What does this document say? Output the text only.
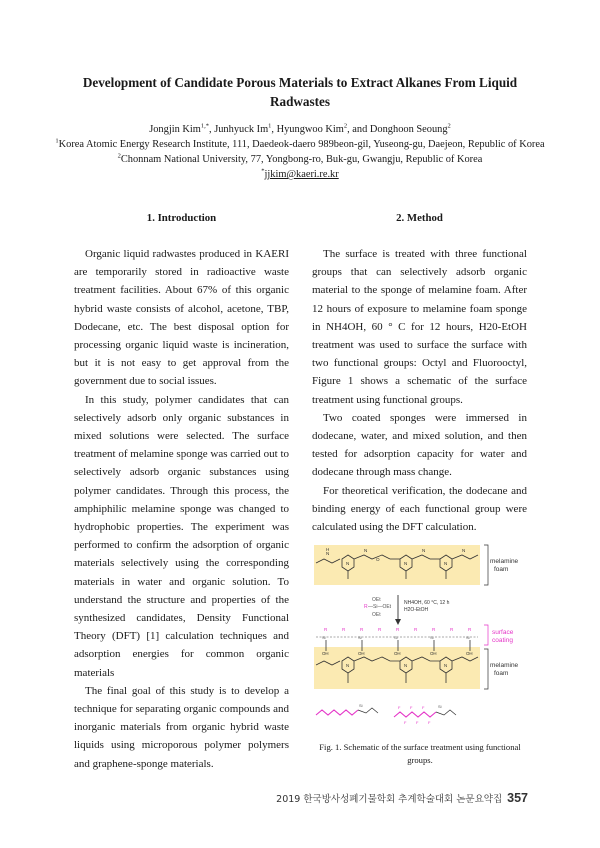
Development of Candidate Porous Materials to Extract Alkanes From Liquid Radwastes
Jongjin Kim$^{1,*}$, Junhyuck Im$^1$, Hyungwoo Kim$^2$, and Donghoon Seoung$^2$
$^1$Korea Atomic Energy Research Institute, 111, Daedeok-daero 989beon-gil, Yuseong-gu, Daejeon, Republic of Korea
$^2$Chonnam National University, 77, Yongbong-ro, Buk-gu, Gwangju, Republic of Korea
*jjkim@kaeri.re.kr
1. Introduction	2. Method

Organic liquid radwastes produced in KAERI are temporarily stored in radioactive waste treatment facilities. About 67% of this organic hybrid waste consists of alcohol, acetone, TBP, Dodecane, etc. The best disposal option for processing organic liquid waste is incineration, but it is not easy to get approval from the government due to social issues.

In this study, polymer candidates that can selectively adsorb only organic substances in mixed solutions were selected. The surface treatment of melamine sponge was carried out to selectively adsorb organic substances using polymer candidates. Through this process, the amphiphilic melamine sponge was changed to hydrophobic properties. The experiment was performed to confirm the adsorption of organic materials selectively using the corresponding materials in water and organic solution. To understand the structure and properties of the synthesized candidates, Density Functional Theory (DFT) [1] calculation techniques and adsorption energies for common organic materials

The final goal of this study is to develop a technique for separating organic compounds and inorganic materials from organic hybrid waste liquids using microporous polymer polymers and graphene-sponge materials.

The surface is treated with three functional groups that can selectively adsorb organic material to the sponge of melamine foam. After 12 hours of exposure to melamine foam sponge in NH4OH, 60 ° C for 12 hours, H20-EtOH treatment was used to surface the surface with two functional groups: Octyl and Fluorooctyl, Figure 1 shows a schematic of the surface treatment using functional groups.

Two coated sponges were immersed in dodecane, water, and mixed solution, and then tested for adsorption capacity for water and dodecane through mass change.

For theoretical verification, the dodecane and binding energy of each functional group were calculated using the DFT calculation.

N
H	N
O
N	N
N	N	N	melamine
foam
OEt
R —Si—OEt
OEt
NH4OH, 60 °C, 12 h
H2O-EtOH
R	R	R	R	R	R	R	R	R
Si	Si	Si	Si	Si
surface
coating
OH	OH	OH	OH	OH
N	N	N	melamine
foam
Si	F F F
F F F
Si
Fig. 1. Schematic of the surface treatment using functional groups.
2019 한국방사성폐기물학회 추계학술대회 논문요약집 357
